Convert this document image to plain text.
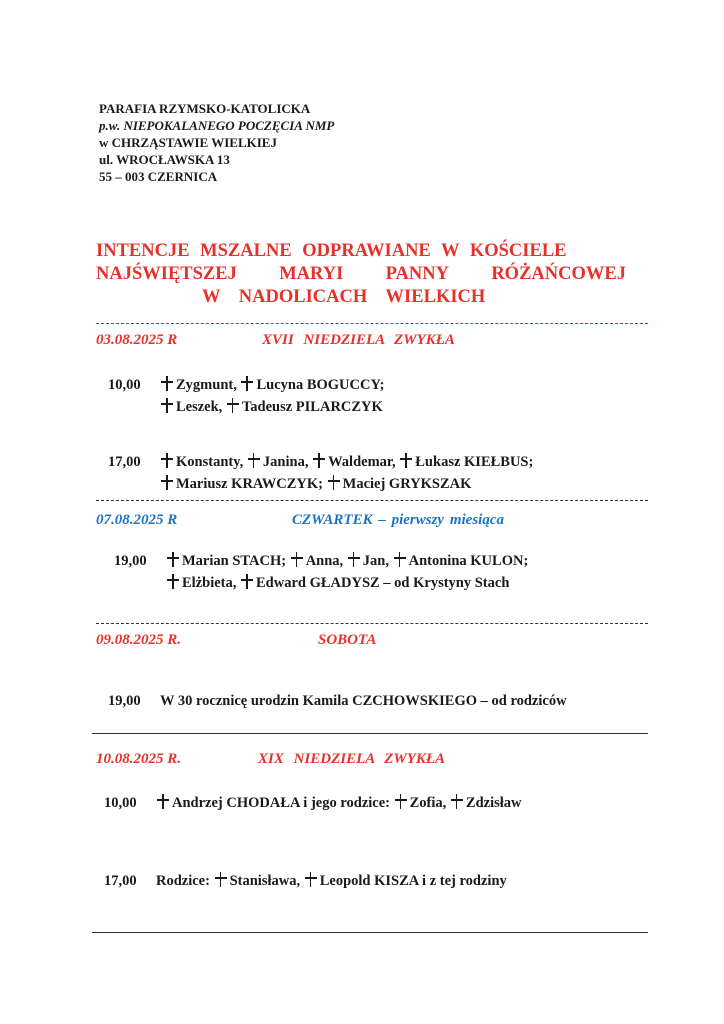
PARAFIA RZYMSKO-KATOLICKA
p.w. NIEPOKALANEGO POCZĘCIA NMP
w CHRZĄSTAWIE WIELKIEJ
ul. WROCŁAWSKA 13
55 – 003 CZERNICA
INTENCJE MSZALNE ODPRAWIANE W KOŚCIELE
NAJŚWIĘTSZEJ MARYI PANNY RÓŻAŃCOWEJ
W NADOLICACH WIELKICH
03.08.2025 R	XVII NIEDZIELA ZWYKŁA
10,00 Zygmunt, Lucyna BOGUCCY;
Leszek, Tadeusz PILARCZYK
17,00 Konstanty, Janina, Waldemar, Łukasz KIEŁBUS;
Mariusz KRAWCZYK; Maciej GRYKSZAK
07.08.2025 R	CZWARTEK – pierwszy miesiąca
19,00 Marian STACH; Anna, Jan, Antonina KULON;
Elżbieta, Edward GŁADYSZ – od Krystyny Stach
09.08.2025 R.	SOBOTA
19,00 W 30 rocznicę urodzin Kamila CZCHOWSKIEGO – od rodziców
10.08.2025 R.	XIX NIEDZIELA ZWYKŁA
10,00 Andrzej CHODAŁA i jego rodzice: Zofia, Zdzisław
17,00 Rodzice: Stanisława, Leopold KISZA i z tej rodziny
